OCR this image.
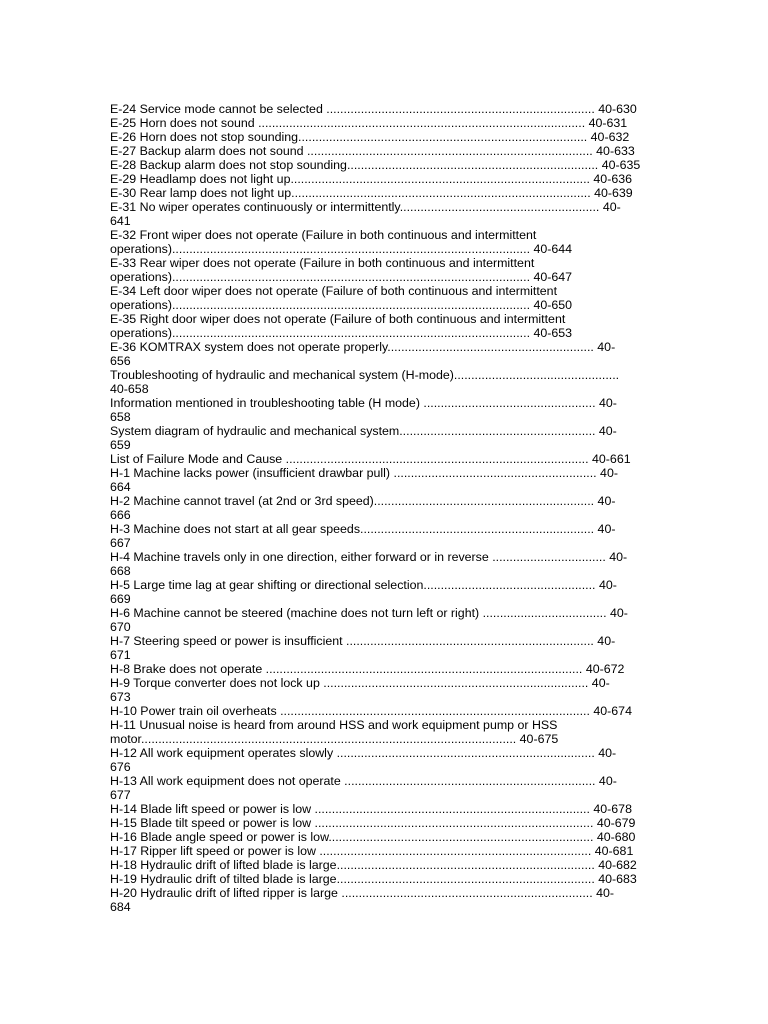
E-24 Service mode cannot be selected .............................................................................. 40-630
E-25 Horn does not sound ............................................................................................... 40-631
E-26 Horn does not stop sounding.................................................................................... 40-632
E-27 Backup alarm does not sound ................................................................................... 40-633
E-28 Backup alarm does not stop sounding......................................................................... 40-635
E-29 Headlamp does not light up....................................................................................... 40-636
E-30 Rear lamp does not light up....................................................................................... 40-639
E-31 No wiper operates continuously or intermittently.......................................................... 40-
641
E-32 Front wiper does not operate (Failure in both continuous and intermittent
operations)........................................................................................................ 40-644
E-33 Rear wiper does not operate (Failure in both continuous and intermittent
operations)........................................................................................................ 40-647
E-34 Left door wiper does not operate (Failure of both continuous and intermittent
operations)........................................................................................................ 40-650
E-35 Right door wiper does not operate (Failure of both continuous and intermittent
operations)........................................................................................................ 40-653
E-36 KOMTRAX system does not operate properly............................................................ 40-
656
Troubleshooting of hydraulic and mechanical system (H-mode)................................................
40-658
Information mentioned in troubleshooting table (H mode) .................................................. 40-
658
System diagram of hydraulic and mechanical system......................................................... 40-
659
List of Failure Mode and Cause ........................................................................................ 40-661
H-1 Machine lacks power (insufficient drawbar pull) ........................................................... 40-
664
H-2 Machine cannot travel (at 2nd or 3rd speed)................................................................ 40-
666
H-3 Machine does not start at all gear speeds.................................................................... 40-
667
H-4 Machine travels only in one direction, either forward or in reverse ................................. 40-
668
H-5 Large time lag at gear shifting or directional selection.................................................. 40-
669
H-6 Machine cannot be steered (machine does not turn left or right) .................................... 40-
670
H-7 Steering speed or power is insufficient ........................................................................ 40-
671
H-8 Brake does not operate ............................................................................................ 40-672
H-9 Torque converter does not lock up ............................................................................. 40-
673
H-10 Power train oil overheats .......................................................................................... 40-674
H-11 Unusual noise is heard from around HSS and work equipment pump or HSS
motor............................................................................................................. 40-675
H-12 All work equipment operates slowly ........................................................................... 40-
676
H-13 All work equipment does not operate ......................................................................... 40-
677
H-14 Blade lift speed or power is low ................................................................................ 40-678
H-15 Blade tilt speed or power is low ................................................................................. 40-679
H-16 Blade angle speed or power is low............................................................................. 40-680
H-17 Ripper lift speed or power is low ............................................................................... 40-681
H-18 Hydraulic drift of lifted blade is large........................................................................... 40-682
H-19 Hydraulic drift of tilted blade is large........................................................................... 40-683
H-20 Hydraulic drift of lifted ripper is large ......................................................................... 40-
684
